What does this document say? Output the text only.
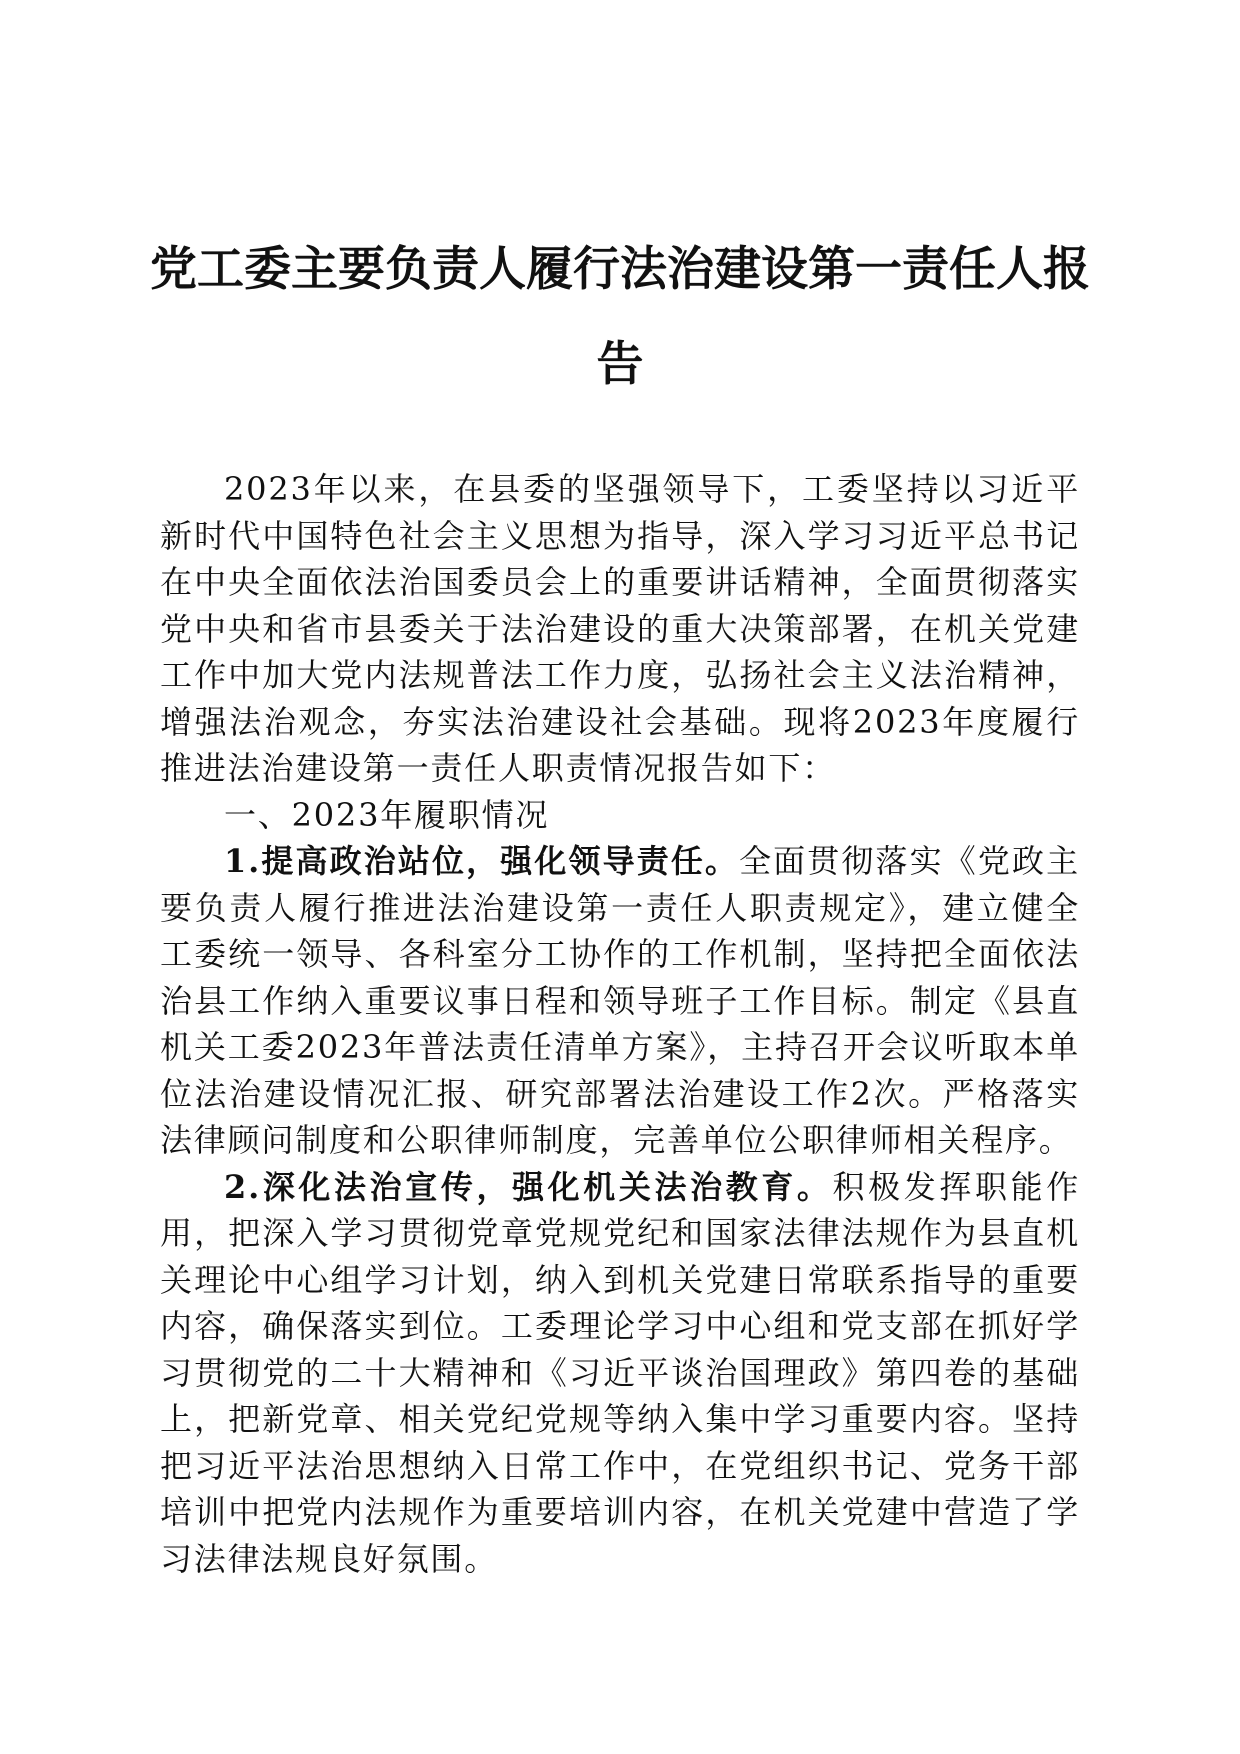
党工委主要负责人履行法治建设第一责任人报告

2023年以来，在县委的坚强领导下，工委坚持以习近平新时代中国特色社会主义思想为指导，深入学习习近平总书记在中央全面依法治国委员会上的重要讲话精神，全面贯彻落实党中央和省市县委关于法治建设的重大决策部署，在机关党建工作中加大党内法规普法工作力度，弘扬社会主义法治精神，增强法治观念，夯实法治建设社会基础。现将2023年度履行推进法治建设第一责任人职责情况报告如下：

一、2023年履职情况

1.提高政治站位，强化领导责任。全面贯彻落实《党政主要负责人履行推进法治建设第一责任人职责规定》，建立健全工委统一领导、各科室分工协作的工作机制，坚持把全面依法治县工作纳入重要议事日程和领导班子工作目标。制定《县直机关工委2023年普法责任清单方案》，主持召开会议听取本单位法治建设情况汇报、研究部署法治建设工作2次。严格落实法律顾问制度和公职律师制度，完善单位公职律师相关程序。

2.深化法治宣传，强化机关法治教育。积极发挥职能作用，把深入学习贯彻党章党规党纪和国家法律法规作为县直机关理论中心组学习计划，纳入到机关党建日常联系指导的重要内容，确保落实到位。工委理论学习中心组和党支部在抓好学习贯彻党的二十大精神和《习近平谈治国理政》第四卷的基础上，把新党章、相关党纪党规等纳入集中学习重要内容。坚持把习近平法治思想纳入日常工作中，在党组织书记、党务干部培训中把党内法规作为重要培训内容，在机关党建中营造了学习法律法规良好氛围。
